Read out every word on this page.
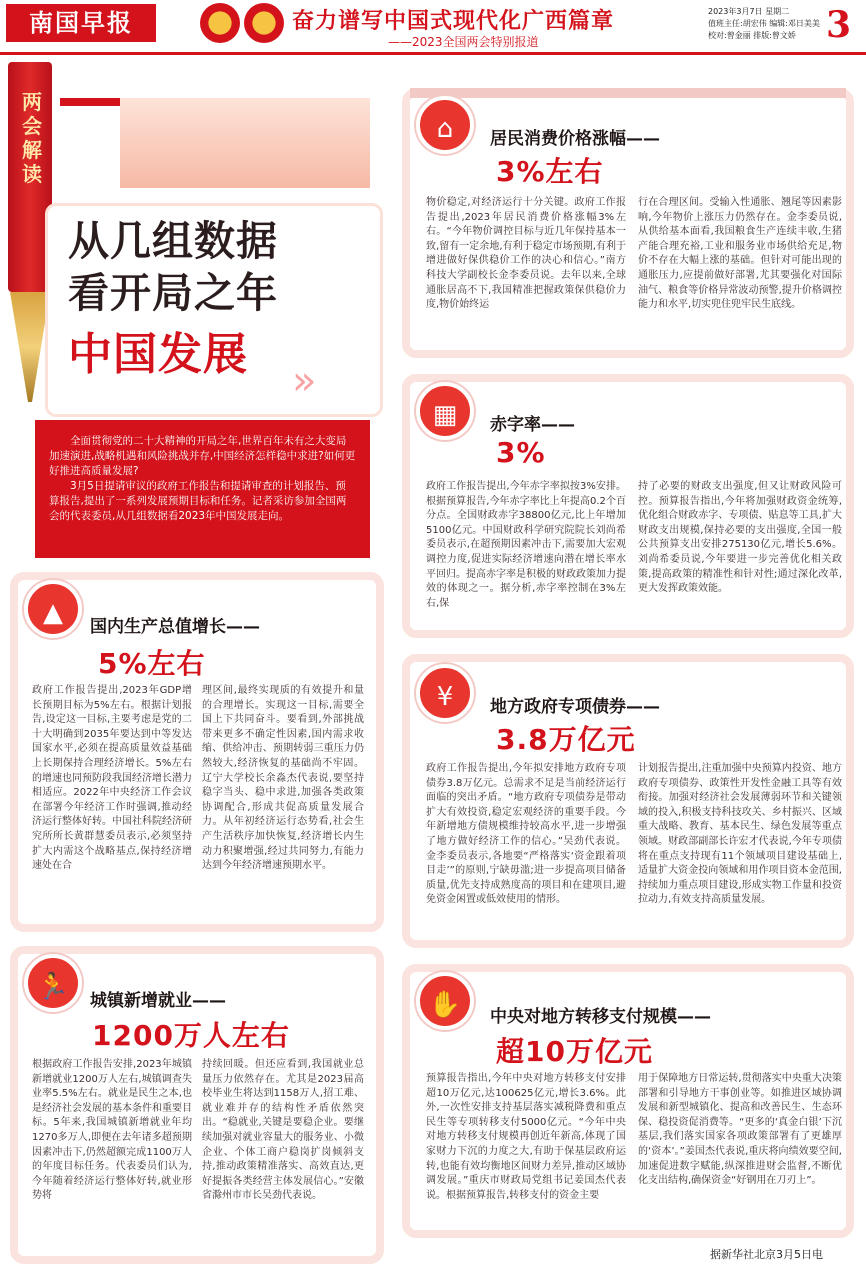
南国早报	奋力谱写中国式现代化广西篇章
——2023全国两会特别报道
2023年3月7日 星期二
值班主任:胡宏伟 编辑:邓日美美
校对:曾金丽 排版:曾文娇 3
两会解读
从几组数据
看开局之年
中国发展
»

全面贯彻党的二十大精神的开局之年,世界百年未有之大变局加速演进,战略机遇和风险挑战并存,中国经济怎样稳中求进?如何更好推进高质量发展?

3月5日提请审议的政府工作报告和提请审查的计划报告、预算报告,提出了一系列发展预期目标和任务。记者采访参加全国两会的代表委员,从几组数据看2023年中国发展走向。

⌂	居民消费价格涨幅——
3%左右
物价稳定,对经济运行十分关键。政府工作报告提出,2023年居民消费价格涨幅3%左右。“今年物价调控目标与近几年保持基本一致,留有一定余地,有利于稳定市场预期,有利于增进做好保供稳价工作的决心和信心。”南方科技大学副校长金李委员说。去年以来,全球通胀居高不下,我国精准把握政策保供稳价力度,物价始终运
行在合理区间。受输入性通胀、翘尾等因素影响,今年物价上涨压力仍然存在。金李委员说,从供给基本面看,我国粮食生产连续丰收,生猪产能合理充裕,工业和服务业市场供给充足,物价不存在大幅上涨的基础。但针对可能出现的通胀压力,应提前做好部署,尤其要强化对国际油气、粮食等价格异常波动预警,提升价格调控能力和水平,切实兜住兜牢民生底线。
▦	赤字率——
3%
政府工作报告提出,今年赤字率拟按3%安排。根据预算报告,今年赤字率比上年提高0.2个百分点。全国财政赤字38800亿元,比上年增加5100亿元。中国财政科学研究院院长刘尚希委员表示,在超预期因素冲击下,需要加大宏观调控力度,促进实际经济增速向潜在增长率水平回归。提高赤字率是积极的财政政策加力提效的体现之一。据分析,赤字率控制在3%左右,保
持了必要的财政支出强度,但又让财政风险可控。预算报告指出,今年将加强财政资金统筹,优化组合财政赤字、专项债、贴息等工具,扩大财政支出规模,保持必要的支出强度,全国一般公共预算支出安排275130亿元,增长5.6%。刘尚希委员说,今年要进一步完善优化相关政策,提高政策的精准性和针对性;通过深化改革,更大发挥政策效能。
▲	国内生产总值增长——
5%左右
政府工作报告提出,2023年GDP增长预期目标为5%左右。根据计划报告,设定这一目标,主要考虑是党的二十大明确到2035年要达到中等发达国家水平,必须在提高质量效益基础上长期保持合理经济增长。5%左右的增速也同预防段我国经济增长潜力相适应。2022年中央经济工作会议在部署今年经济工作时强调,推动经济运行整体好转。中国社科院经济研究所所长黄群慧委员表示,必须坚持扩大内需这个战略基点,保持经济增速处在合
理区间,最终实现质的有效提升和量的合理增长。实现这一目标,需要全国上下共同奋斗。要看到,外部挑战带来更多不确定性因素,国内需求收缩、供给冲击、预期转弱三重压力仍然较大,经济恢复的基础尚不牢固。辽宁大学校长余淼杰代表说,要坚持稳字当头、稳中求进,加强各类政策协调配合,形成共促高质量发展合力。从年初经济运行态势看,社会生产生活秩序加快恢复,经济增长内生动力积聚增强,经过共同努力,有能力达到今年经济增速预期水平。
¥	地方政府专项债券——
3.8万亿元
政府工作报告提出,今年拟安排地方政府专项债券3.8万亿元。总需求不足是当前经济运行面临的突出矛盾。“地方政府专项债券是带动扩大有效投资,稳定宏观经济的重要手段。今年新增地方债规模维持较高水平,进一步增强了地方做好经济工作的信心。”吴劲代表说。金李委员表示,各地要“严格落实‘资金跟着项目走’”的原则,宁缺毋滥;进一步提高项目储备质量,优先支持成熟度高的项目和在建项目,避免资金闲置或低效使用的情形。
计划报告提出,注重加强中央预算内投资、地方政府专项债券、政策性开发性金融工具等有效衔接。加强对经济社会发展薄弱环节和关键领域的投入,积极支持科技攻关、乡村振兴、区域重大战略、教育、基本民生、绿色发展等重点领域。财政部副部长许宏才代表说,今年专项债将在重点支持现有11个领域项目建设基础上,适量扩大资金投向领域和用作项目资本金范围,持续加力重点项目建设,形成实物工作量和投资拉动力,有效支持高质量发展。
🏃	城镇新增就业——
1200万人左右
根据政府工作报告安排,2023年城镇新增就业1200万人左右,城镇调查失业率5.5%左右。就业是民生之本,也是经济社会发展的基本条件和重要目标。5年来,我国城镇新增就业年均1270多万人,即便在去年诸多超预期因素冲击下,仍然超额完成1100万人的年度目标任务。代表委员们认为,今年随着经济运行整体好转,就业形势将
持续回暖。但还应看到,我国就业总量压力依然存在。尤其是2023届高校毕业生将达到1158万人,招工难、就业难并存的结构性矛盾依然突出。“稳就业,关键是要稳企业。要继续加强对就业容量大的服务业、小微企业、个体工商户稳岗扩岗倾斜支持,推动政策精准落实、高效直达,更好提振各类经营主体发展信心。”安徽省滁州市市长吴劲代表说。
✋	中央对地方转移支付规模——
超10万亿元
预算报告指出,今年中央对地方转移支付安排超10万亿元,达100625亿元,增长3.6%。此外,一次性安排支持基层落实减税降费和重点民生等专项转移支付5000亿元。“今年中央对地方转移支付规模再创近年新高,体现了国家财力下沉的力度之大,有助于保基层政府运转,也能有效均衡地区间财力差异,推动区域协调发展。”重庆市财政局党组书记姜国杰代表说。根据预算报告,转移支付的资金主要
用于保障地方日常运转,贯彻落实中央重大决策部署和引导地方干事创业等。如推进区域协调发展和新型城镇化、提高和改善民生、生态环保、稳投资促消费等。“更多的‘真金白银’下沉基层,我们落实国家各项政策部署有了更雄厚的‘资本’。”姜国杰代表说,重庆将向绩效要空间,加速促进数字赋能,纵深推进财会监督,不断优化支出结构,确保资金“好钢用在刀刃上”。
据新华社北京3月5日电
